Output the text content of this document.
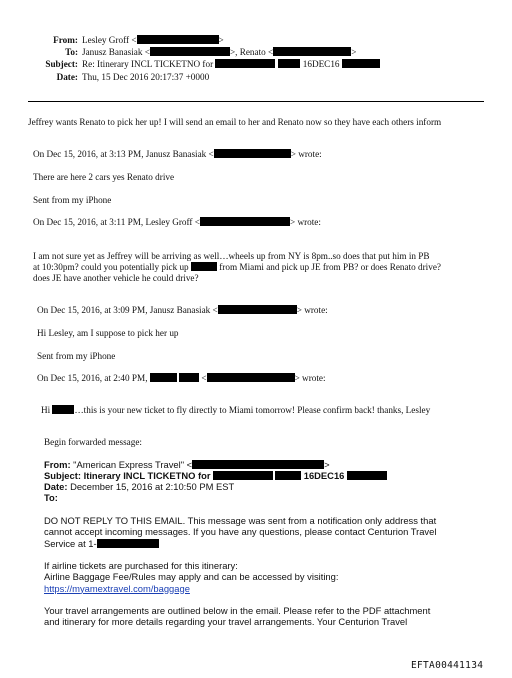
From: Lesley Groff <	>
To: Janusz Banasiak <	>, Renato <	>
Subject: Re: Itinerary INCL TICKETNO for	16DEC16
Date: Thu, 15 Dec 2016 20:17:37 +0000
Jeffrey wants Renato to pick her up! I will send an email to her and Renato now so they have each others inform
On Dec 15, 2016, at 3:13 PM, Janusz Banasiak <	> wrote:
There are here 2 cars yes Renato drive
Sent from my iPhone
On Dec 15, 2016, at 3:11 PM, Lesley Groff <	> wrote:
I am not sure yet as Jeffrey will be arriving as well…wheels up from NY is 8pm..so does that put him in PB
at 10:30pm? could you potentially pick up	from Miami and pick up JE from PB? or does Renato drive?
does JE have another vehicle he could drive?
On Dec 15, 2016, at 3:09 PM, Janusz Banasiak <	> wrote:
Hi Lesley, am I suppose to pick her up
Sent from my iPhone
On Dec 15, 2016, at 2:40 PM,	<	> wrote:
Hi	…this is your new ticket to fly directly to Miami tomorrow! Please confirm back! thanks, Lesley
Begin forwarded message:
From: "American Express Travel" <	>
Subject: Itinerary INCL TICKETNO for	16DEC16
Date: December 15, 2016 at 2:10:50 PM EST
To:
DO NOT REPLY TO THIS EMAIL. This message was sent from a notification only address that
cannot accept incoming messages. If you have any questions, please contact Centurion Travel
Service at 1-
If airline tickets are purchased for this itinerary:
Airline Baggage Fee/Rules may apply and can be accessed by visiting:
https://myamextravel.com/baggage
Your travel arrangements are outlined below in the email. Please refer to the PDF attachment
and itinerary for more details regarding your travel arrangements. Your Centurion Travel
EFTA00441134
